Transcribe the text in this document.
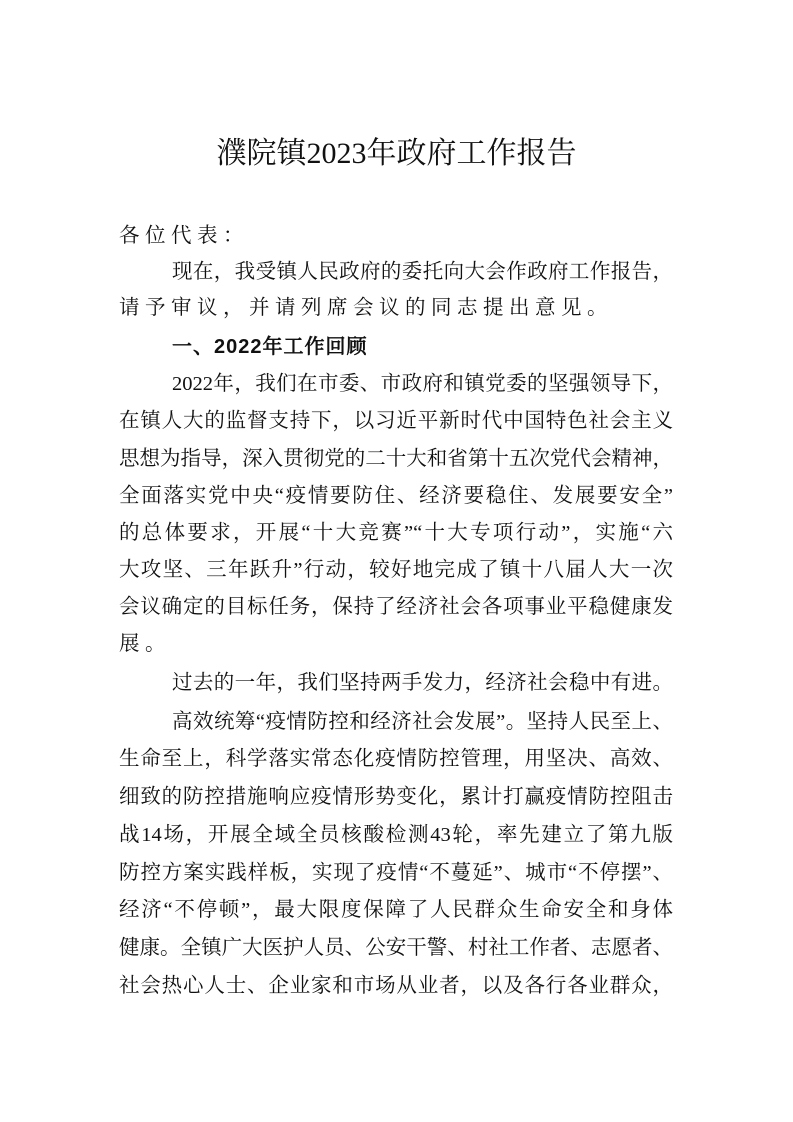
濮院镇2023年政府工作报告
各位代表：
现在，我受镇人民政府的委托向大会作政府工作报告，
请予审议，并请列席会议的同志提出意见。
一、2022年工作回顾
2022年，我们在市委、市政府和镇党委的坚强领导下，
在镇人大的监督支持下，以习近平新时代中国特色社会主义
思想为指导，深入贯彻党的二十大和省第十五次党代会精神，
全面落实党中央“疫情要防住、经济要稳住、发展要安全”
的总体要求，开展“十大竞赛”“十大专项行动”，实施“六
大攻坚、三年跃升”行动，较好地完成了镇十八届人大一次
会议确定的目标任务，保持了经济社会各项事业平稳健康发
展。
过去的一年，我们坚持两手发力，经济社会稳中有进。
高效统筹“疫情防控和经济社会发展”。坚持人民至上、
生命至上，科学落实常态化疫情防控管理，用坚决、高效、
细致的防控措施响应疫情形势变化，累计打赢疫情防控阻击
战14场，开展全域全员核酸检测43轮，率先建立了第九版
防控方案实践样板，实现了疫情“不蔓延”、城市“不停摆”、
经济“不停顿”，最大限度保障了人民群众生命安全和身体
健康。全镇广大医护人员、公安干警、村社工作者、志愿者、
社会热心人士、企业家和市场从业者，以及各行各业群众，
